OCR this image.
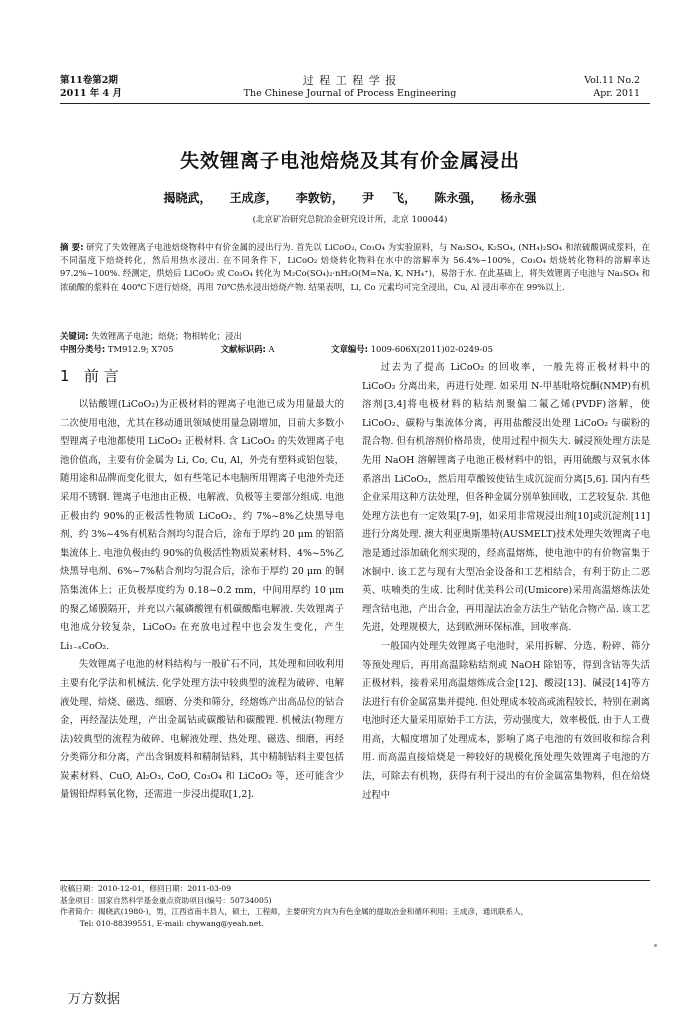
第11卷第2期
2011 年 4 月
过 程 工 程 学 报
The Chinese Journal of Process Engineering
Vol.11 No.2
Apr. 2011
失效锂离子电池焙烧及其有价金属浸出
揭晓武， 王成彦， 李敦钫， 尹 飞， 陈永强， 杨永强
(北京矿冶研究总院冶金研究设计所，北京 100044)
摘 要: 研究了失效锂离子电池焙烧物料中有价金属的浸出行为. 首先以 LiCoO₂, Co₃O₄ 为实验原料，与 Na₂SO₄, K₂SO₄, (NH₄)₂SO₄ 和浓硫酸调成浆料，在不同温度下焙烧转化，然后用热水浸出. 在不同条件下，LiCoO₂ 焙烧转化物料在水中的溶解率为 56.4%~100%，Co₃O₄ 焙烧转化物料的溶解率达 97.2%~100%. 经测定，烘焙后 LiCoO₂ 或 Co₃O₄ 转化为 M₂Co(SO₄)₂·nH₂O(M=Na, K, NH₄⁺)，易溶于水. 在此基础上，将失效锂离子电池与 Na₂SO₄ 和浓硫酸的浆料在 400℃下进行焙烧，再用 70℃热水浸出焙烧产物. 结果表明，Li, Co 元素均可完全浸出，Cu, Al 浸出率亦在 99%以上.
关键词: 失效锂离子电池；焙烧；物相转化；浸出
中图分类号: TM912.9; X705	文献标识码: A	文章编号: 1009-606X(2011)02-0249-05
1 前 言

以钴酸锂(LiCoO₂)为正极材料的锂离子电池已成为用量最大的二次使用电池，尤其在移动通讯领域使用量急剧增加，目前大多数小型锂离子电池都使用 LiCoO₂ 正极材料. 含 LiCoO₂ 的失效锂离子电池价值高，主要有价金属为 Li, Co, Cu, Al，外壳有塑料或铝包装，随用途和品牌而变化很大，如有些笔记本电脑所用锂离子电池外壳还采用不锈钢. 锂离子电池由正极、电解液、负极等主要部分组成. 电池正极由约 90%的正极活性物质 LiCoO₂、约 7%~8%乙炔黑导电剂、约 3%~4%有机粘合剂均匀混合后，涂布于厚约 20 μm 的铝箔集流体上. 电池负极由约 90%的负极活性物质炭素材料、4%~5%乙炔黑导电剂、6%~7%粘合剂均匀混合后，涂布于厚约 20 μm 的铜箔集流体上；正负极厚度约为 0.18~0.2 mm，中间用厚约 10 μm 的聚乙烯膜隔开，并充以六氟磷酸锂有机碳酸酯电解液. 失效锂离子电池成分较复杂，LiCoO₂ 在充放电过程中也会发生变化，产生 Li₁₋ₓCoO₂.

失效锂离子电池的材料结构与一般矿石不同，其处理和回收利用主要有化学法和机械法. 化学处理方法中较典型的流程为破碎、电解液处理、焙烧、磁选、细磨、分类和筛分，经熔炼产出高品位的钴合金，再经湿法处理，产出金属钴或碳酸钴和碳酸锂. 机械法(物理方法)较典型的流程为破碎、电解液处理、热处理、磁选、细磨，再经分类筛分和分离，产出含铜废料和精制钴料，其中精制钴料主要包括炭素材料、CuO, Al₂O₃, CoO, Co₃O₄ 和 LiCoO₂ 等，还可能含少量锡铅焊料氧化物，还需进一步浸出提取[1,2].

过去为了提高 LiCoO₂ 的回收率，一般先将正极材料中的 LiCoO₂ 分离出来，再进行处理. 如采用 N-甲基吡咯烷酮(NMP)有机溶剂[3,4]将电极材料的粘结剂聚偏二氟乙烯(PVDF)溶解，使 LiCoO₂、碳粉与集流体分离，再用盐酸浸出处理 LiCoO₂ 与碳粉的混合物. 但有机溶剂价格昂贵，使用过程中损失大. 碱浸预处理方法是先用 NaOH 溶解锂离子电池正极材料中的铝，再用硫酸与双氧水体系溶出 LiCoO₂，然后用草酸铵使钴生成沉淀而分离[5,6]. 国内有些企业采用这种方法处理，但各种金属分别单独回收，工艺较复杂. 其他处理方法也有一定效果[7-9]，如采用非常规浸出剂[10]或沉淀剂[11]进行分离处理. 澳大利亚奥斯墨特(AUSMELT)技术处理失效锂离子电池是通过添加硫化剂实现的，经高温熔炼，使电池中的有价物富集于冰铜中. 该工艺与现有大型冶金设备和工艺相结合，有利于防止二恶英、呋喃类的生成. 比利时优美科公司(Umicore)采用高温熔炼法处理含钴电池，产出合金，再用湿法冶金方法生产钴化合物产品. 该工艺先进，处理规模大，达到欧洲环保标准，回收率高.

一般国内处理失效锂离子电池时，采用拆解、分选、粉碎、筛分等预处理后，再用高温除粘结剂或 NaOH 除铝等，得到含钴等失活正极材料，接着采用高温熔炼成合金[12]、酸浸[13]、碱浸[14]等方法进行有价金属富集并提纯. 但处理成本较高或流程较长，特别在剥离电池时还大量采用原始手工方法，劳动强度大，效率极低. 由于人工费用高，大幅度增加了处理成本，影响了离子电池的有效回收和综合利用. 而高温直接焙烧是一种较好的规模化预处理失效锂离子电池的方法，可除去有机物，获得有利于浸出的有价金属富集物料，但在焙烧过程中

收稿日期：2010-12-01，修回日期：2011-03-09
基金项目：国家自然科学基金重点资助项目(编号：50734005)
作者简介：揭晓武(1980-)，男，江西省南丰县人，硕士，工程师，主要研究方向为有色金属的提取冶金和循环利用；王成彦，通讯联系人，
Tel: 010-88399551, E-mail: chywang@yeah.net.
万方数据
